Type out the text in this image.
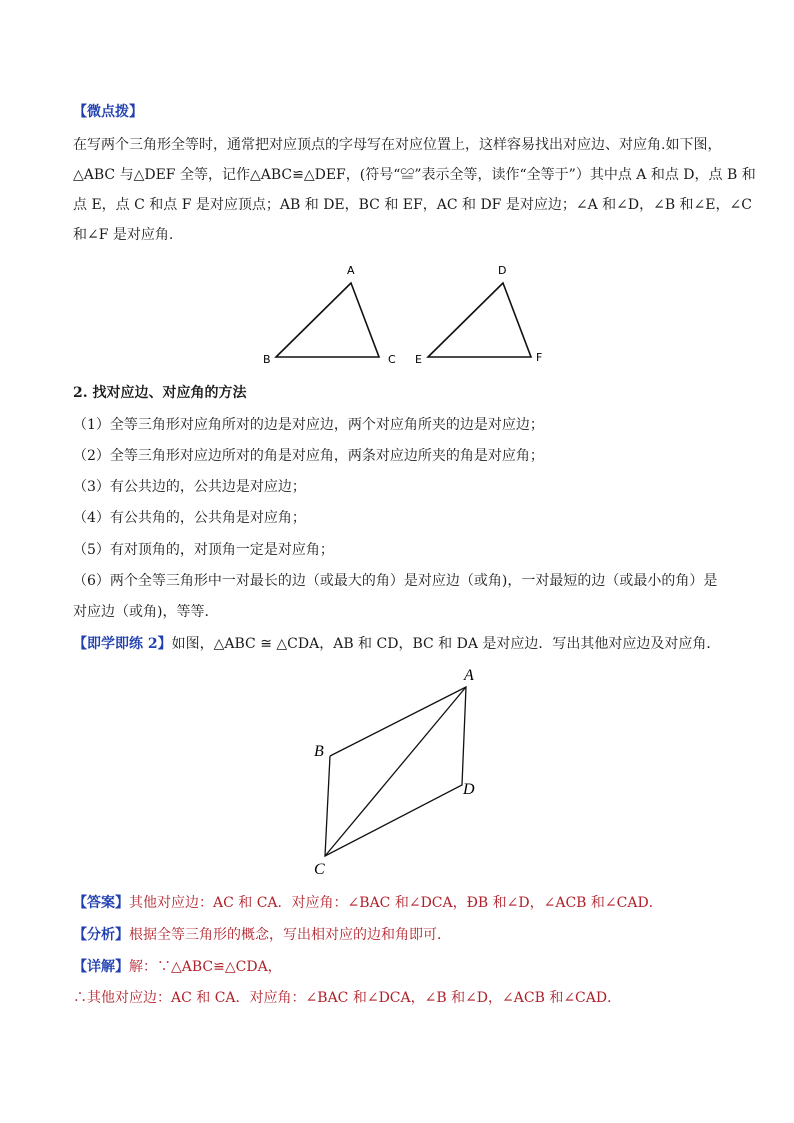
【微点拨】
在写两个三角形全等时，通常把对应顶点的字母写在对应位置上，这样容易找出对应边、对应角.如下图，
△ABC 与△DEF 全等，记作△ABC≌△DEF，(符号“≌”表示全等，读作“全等于”）其中点 A 和点 D，点 B 和
点 E，点 C 和点 F 是对应顶点；AB 和 DE，BC 和 EF，AC 和 DF 是对应边；∠A 和∠D，∠B 和∠E，∠C
和∠F 是对应角.
A
B	C
D
E	F
2. 找对应边、对应角的方法
（1）全等三角形对应角所对的边是对应边，两个对应角所夹的边是对应边；
（2）全等三角形对应边所对的角是对应角，两条对应边所夹的角是对应角；
（3）有公共边的，公共边是对应边；
（4）有公共角的，公共角是对应角；
（5）有对顶角的，对顶角一定是对应角；
（6）两个全等三角形中一对最长的边（或最大的角）是对应边（或角)，一对最短的边（或最小的角）是
对应边（或角)，等等.
【即学即练 2】如图，△ABC ≅ △CDA，AB 和 CD，BC 和 DA 是对应边．写出其他对应边及对应角．
A
B
C
D
【答案】其他对应边：AC 和 CA．对应角：∠BAC 和∠DCA，ÐB 和∠D，∠ACB 和∠CAD．
【分析】根据全等三角形的概念，写出相对应的边和角即可．
【详解】解：∵△ABC≌△CDA，
∴其他对应边：AC 和 CA．对应角：∠BAC 和∠DCA，∠B 和∠D，∠ACB 和∠CAD．
